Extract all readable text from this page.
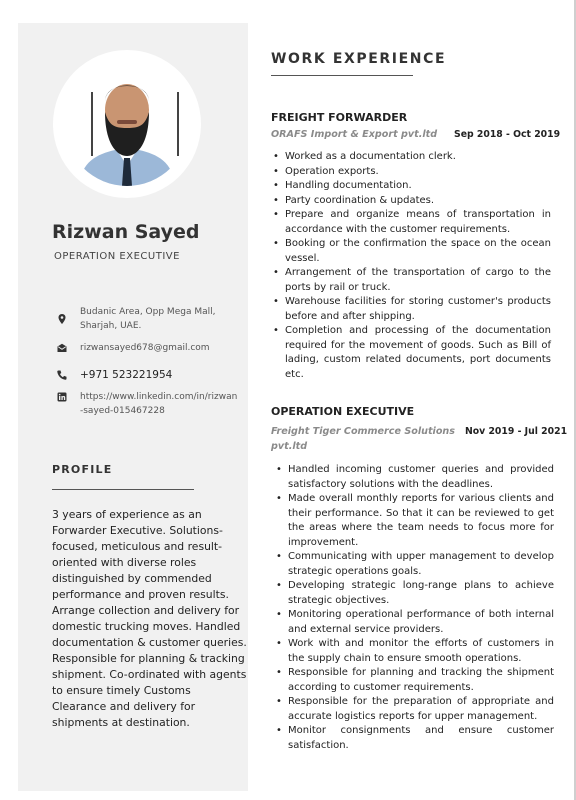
Rizwan Sayed
OPERATION EXECUTIVE
Budanic Area, Opp Mega Mall, Sharjah, UAE.
rizwansayed678@gmail.com
+971 523221954
https://www.linkedin.com/in/rizwan-sayed-015467228
PROFILE
3 years of experience as an Forwarder Executive. Solutions-focused, meticulous and result-oriented with diverse roles distinguished by commended performance and proven results. Arrange collection and delivery for domestic trucking moves. Handled documentation & customer queries. Responsible for planning & tracking shipment. Co-ordinated with agents to ensure timely Customs Clearance and delivery for shipments at destination.
WORK EXPERIENCE
FREIGHT FORWARDER
ORAFS Import & Export pvt.ltd Sep 2018 - Oct 2019
• Worked as a documentation clerk.
• Operation exports.
• Handling documentation.
• Party coordination & updates.
• Prepare and organize means of transportation in accordance with the customer requirements.
• Booking or the confirmation the space on the ocean vessel.
• Arrangement of the transportation of cargo to the ports by rail or truck.
• Warehouse facilities for storing customer's products before and after shipping.
• Completion and processing of the documentation required for the movement of goods. Such as Bill of lading, custom related documents, port documents etc.
OPERATION EXECUTIVE
Freight Tiger Commerce Solutions pvt.ltd
Nov 2019 - Jul 2021
• Handled incoming customer queries and provided satisfactory solutions with the deadlines.
• Made overall monthly reports for various clients and their performance. So that it can be reviewed to get the areas where the team needs to focus more for improvement.
• Communicating with upper management to develop strategic operations goals.
• Developing strategic long-range plans to achieve strategic objectives.
• Monitoring operational performance of both internal and external service providers.
• Work with and monitor the efforts of customers in the supply chain to ensure smooth operations.
• Responsible for planning and tracking the shipment according to customer requirements.
• Responsible for the preparation of appropriate and accurate logistics reports for upper management.
• Monitor consignments and ensure customer satisfaction.
